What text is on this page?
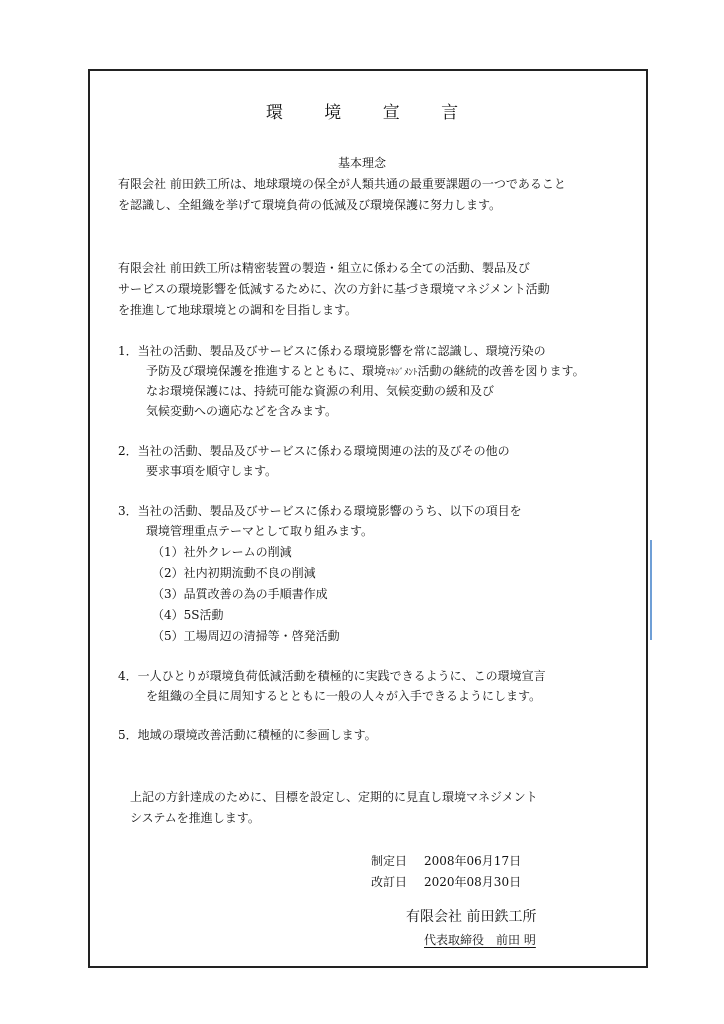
環 境 宣 言
基本理念
有限会社 前田鉄工所は、地球環境の保全が人類共通の最重要課題の一つであること
を認識し、全組織を挙げて環境負荷の低減及び環境保護に努力します。
有限会社 前田鉄工所は精密装置の製造・組立に係わる全ての活動、製品及び
サービスの環境影響を低減するために、次の方針に基づき環境マネジメント活動
を推進して地球環境との調和を目指します。
1．当社の活動、製品及びサービスに係わる環境影響を常に認識し、環境汚染の
予防及び環境保護を推進するとともに、環境ﾏﾈｼﾞﾒﾝﾄ活動の継続的改善を図ります。
なお環境保護には、持続可能な資源の利用、気候変動の緩和及び
気候変動への適応などを含みます。
2．当社の活動、製品及びサービスに係わる環境関連の法的及びその他の
要求事項を順守します。
3．当社の活動、製品及びサービスに係わる環境影響のうち、以下の項目を
環境管理重点テーマとして取り組みます。
（1）社外クレームの削減
（2）社内初期流動不良の削減
（3）品質改善の為の手順書作成
（4）5S活動
（5）工場周辺の清掃等・啓発活動
4．一人ひとりが環境負荷低減活動を積極的に実践できるように、この環境宣言
を組織の全員に周知するとともに一般の人々が入手できるようにします。
5．地域の環境改善活動に積極的に参画します。
上記の方針達成のために、目標を設定し、定期的に見直し環境マネジメント
システムを推進します。
制定日 2008年06月17日
改訂日 2020年08月30日
有限会社 前田鉄工所
代表取締役　前田 明
